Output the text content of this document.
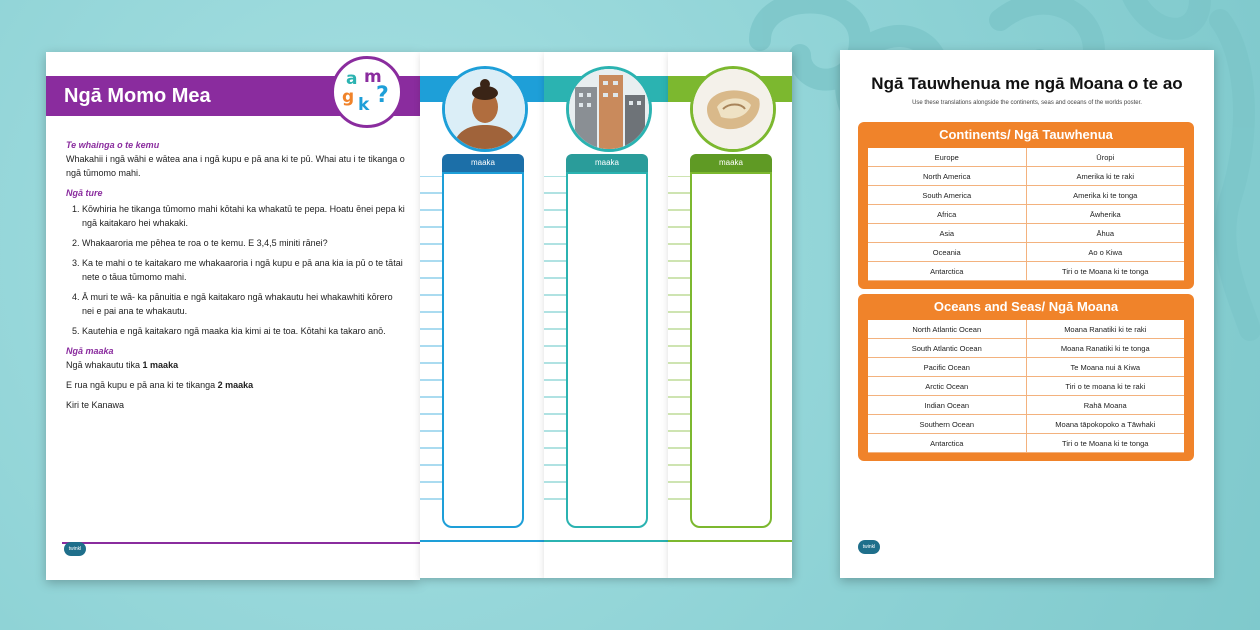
Ngā Momo Mea
a m
g k ?
Te whainga o te kemu

Whakahii i ngā wāhi e wātea ana i ngā kupu e pā ana ki te pū. Whai atu i te tikanga o ngā tūmomo mahi.

Ngā ture
1. Kōwhiria he tikanga tūmomo mahi kōtahi ka whakatū te pepa. Hoatu ēnei pepa ki ngā kaitakaro hei whakaki.
2. Whakaaroria me pēhea te roa o te kemu. E 3,4,5 miniti rānei?
3. Ka te mahi o te kaitakaro me whakaaroria i ngā kupu e pā ana kia ia pū o te tātai nete o tāua tūmomo mahi.
4. Ā muri te wā- ka pānuitia e ngā kaitakaro ngā whakautu hei whakawhiti kōrero nei e pai ana te whakautu.
5. Kautehia e ngā kaitakaro ngā maaka kia kimi ai te toa. Kōtahi ka takaro anō.
Ngā maaka

Ngā whakautu tika 1 maaka

E rua ngā kupu e pā ana ki te tikanga 2 maaka

Kiri te Kanawa

twinkl
maaka	maaka	maaka
Ngā Tauwhenua me ngā Moana o te ao
Use these translations alongside the continents, seas and oceans of the worlds poster.
Continents/ Ngā Tauwhenua
Europe	Ūropi
North America	Amerika ki te raki
South America	Amerika ki te tonga
Africa	Āwherika
Asia	Āhua
Oceania	Ao o Kiwa
Antarctica	Tiri o te Moana ki te tonga
Oceans and Seas/ Ngā Moana
North Atlantic Ocean	Moana Ranatiki ki te raki
South Atlantic Ocean	Moana Ranatiki ki te tonga
Pacific Ocean	Te Moana nui ā Kiwa
Arctic Ocean	Tiri o te moana ki te raki
Indian Ocean	Rahā Moana
Southern Ocean	Moana tāpokopoko a Tāwhaki
Antarctica	Tiri o te Moana ki te tonga
twinkl
